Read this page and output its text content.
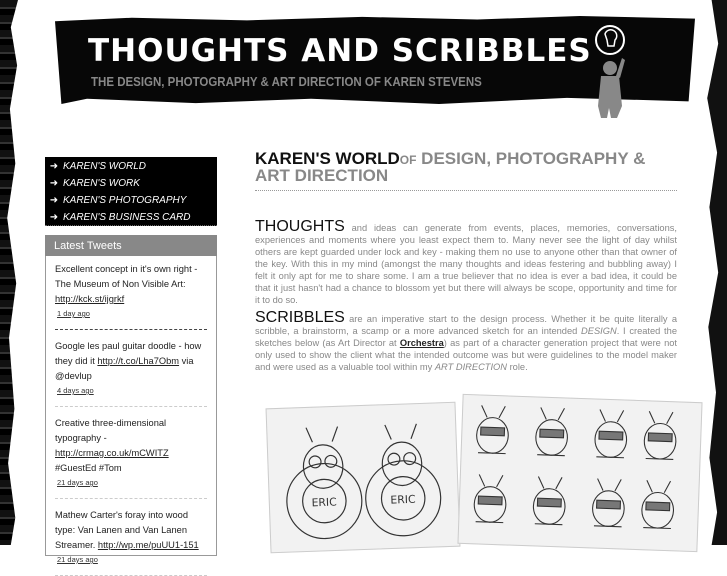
THOUGHTS AND SCRIBBLES
THE DESIGN, PHOTOGRAPHY & ART DIRECTION OF KAREN STEVENS
➜ KAREN'S WORLD
➜ KAREN'S WORK
➜ KAREN'S PHOTOGRAPHY
➜ KAREN'S BUSINESS CARD
Latest Tweets
Excellent concept in it's own right - The Museum of Non Visible Art: http://kck.st/ijgrkf
1 day ago
Google les paul guitar doodle - how they did it http://t.co/Lha7Obm via @devlup
4 days ago
Creative three-dimensional typography - http://crmag.co.uk/mCWITZ #GuestEd #Tom
21 days ago
Mathew Carter's foray into wood type: Van Lanen and Van Lanen Streamer. http://wp.me/puUU1-151
21 days ago
KAREN'S WORLDOF DESIGN, PHOTOGRAPHY & ART DIRECTION

THOUGHTS and ideas can generate from events, places, memories, conversations, experiences and moments where you least expect them to. Many never see the light of day whilst others are kept guarded under lock and key - making them no use to anyone other than that owner of the key. With this in my mind (amongst the many thoughts and ideas festering and bubbling away) I felt it only apt for me to share some. I am a true believer that no idea is ever a bad idea, it could be that it just hasn't had a chance to blossom yet but there will always be scope, opportunity and time for it to do so.

SCRIBBLES are an imperative start to the design process. Whether it be quite literally a scribble, a brainstorm, a scamp or a more advanced sketch for an intended DESIGN. I created the sketches below (as Art Director at Orchestra) as part of a character generation project that were not only used to show the client what the intended outcome was but were guidelines to the model maker and were used as a valuable tool within my ART DIRECTION role.

ERIC	ERIC
